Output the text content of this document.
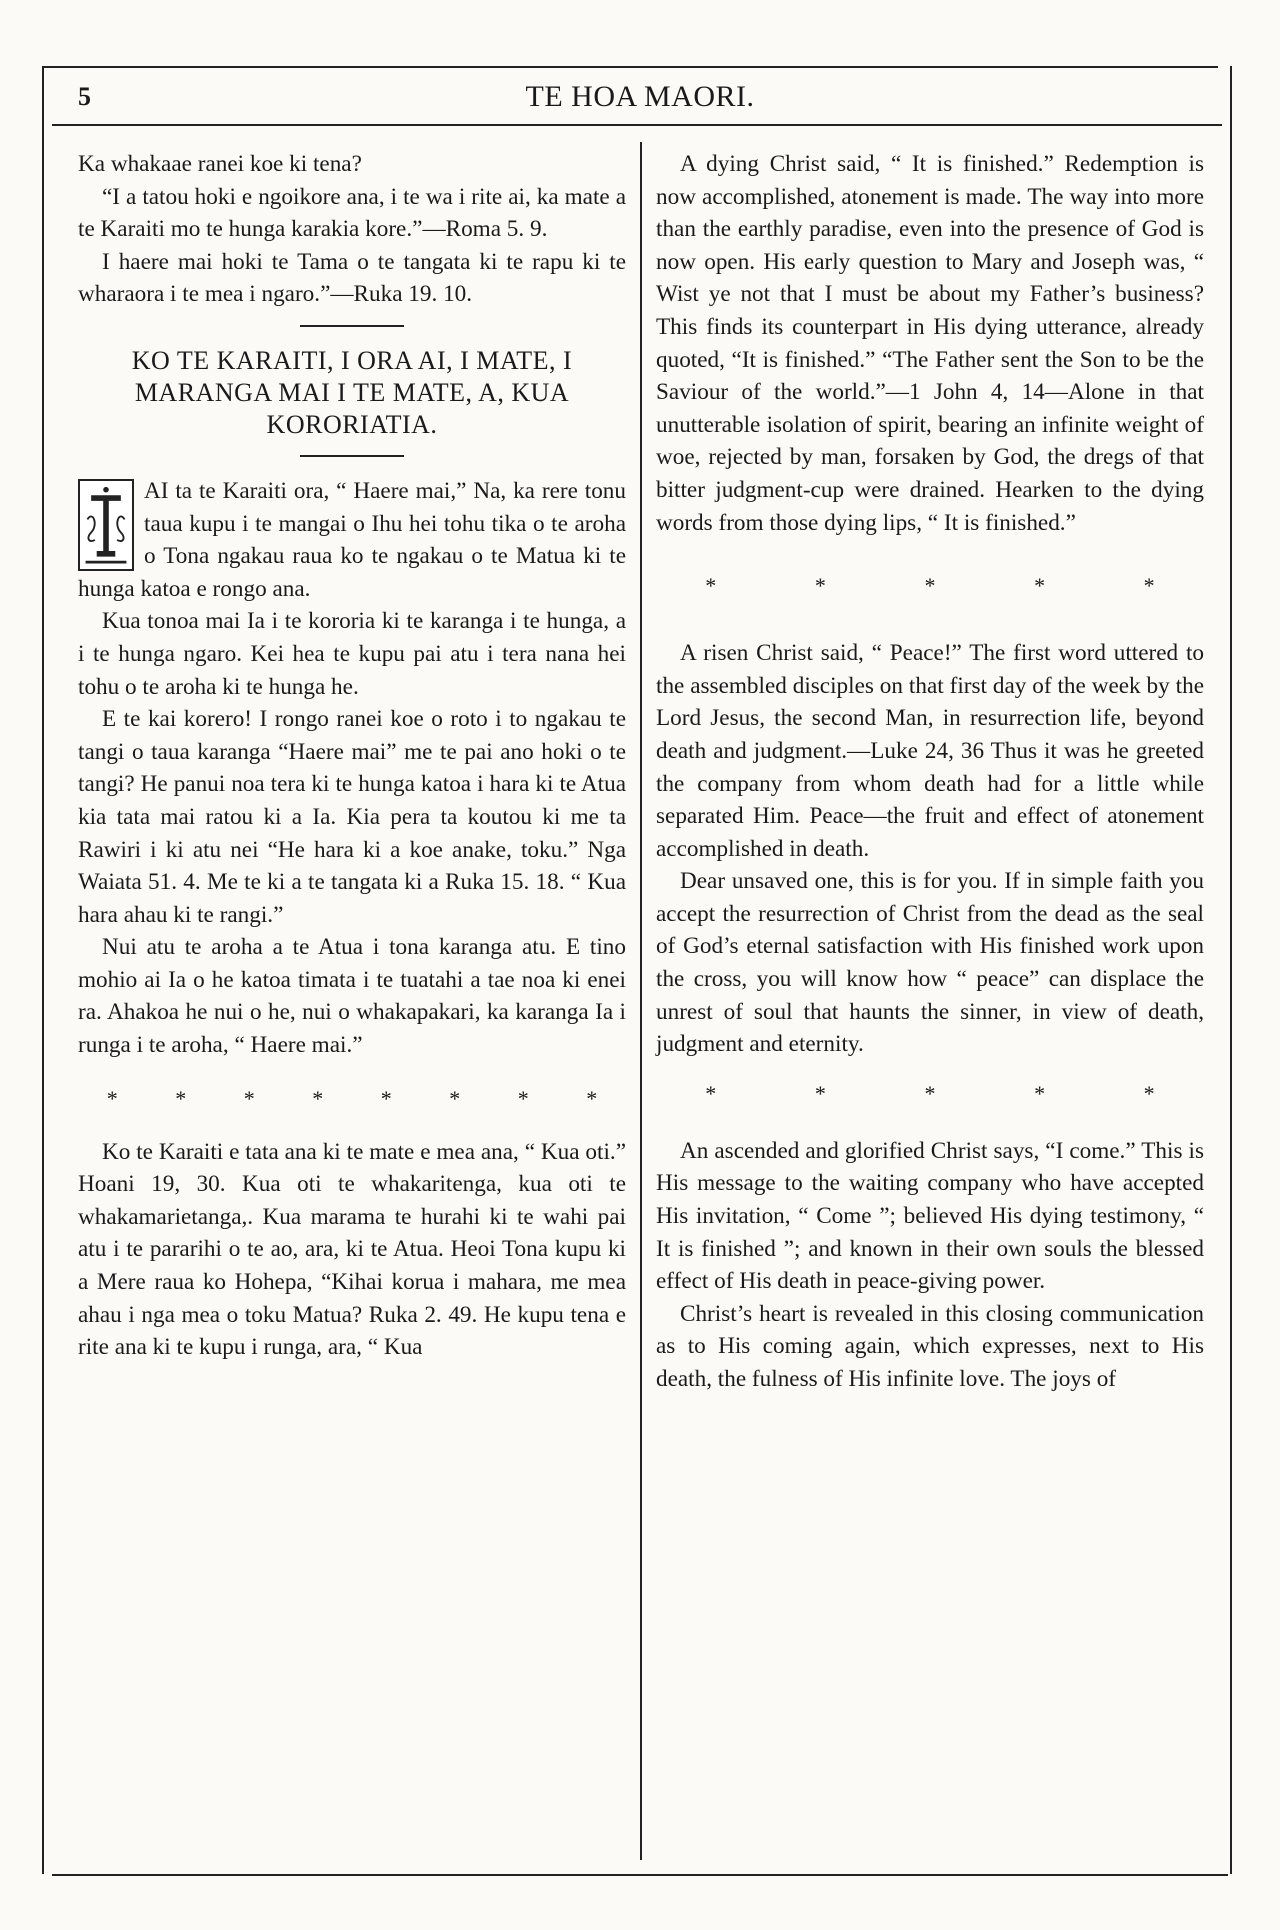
5	TE HOA MAORI.

Ka whakaae ranei koe ki tena?

“I a tatou hoki e ngoikore ana, i te wa i rite ai, ka mate a te Karaiti mo te hunga karakia kore.”—Roma 5. 9.

I haere mai hoki te Tama o te tangata ki te rapu ki te wharaora i te mea i ngaro.”—Ruka 19. 10.

KO TE KARAITI, I ORA AI, I MATE, I MARANGA MAI I TE MATE, A, KUA KORORIATIA.

AI ta te Karaiti ora, “ Haere mai,” Na, ka rere tonu taua kupu i te mangai o Ihu hei tohu tika o te aroha o Tona ngakau raua ko te ngakau o te Matua ki te hunga katoa e rongo ana.

Kua tonoa mai Ia i te kororia ki te karanga i te hunga, a i te hunga ngaro. Kei hea te kupu pai atu i tera nana hei tohu o te aroha ki te hunga he.

E te kai korero! I rongo ranei koe o roto i to ngakau te tangi o taua karanga “Haere mai” me te pai ano hoki o te tangi? He panui noa tera ki te hunga katoa i hara ki te Atua kia tata mai ratou ki a Ia. Kia pera ta koutou ki me ta Rawiri i ki atu nei “He hara ki a koe anake, toku.” Nga Waiata 51. 4. Me te ki a te tangata ki a Ruka 15. 18. “ Kua hara ahau ki te rangi.”

Nui atu te aroha a te Atua i tona karanga atu. E tino mohio ai Ia o he katoa timata i te tuatahi a tae noa ki enei ra. Ahakoa he nui o he, nui o whakapakari, ka karanga Ia i runga i te aroha, “ Haere mai.”

*	*	*	*	*	*	*	*

Ko te Karaiti e tata ana ki te mate e mea ana, “ Kua oti.” Hoani 19, 30. Kua oti te whakaritenga, kua oti te whakamarietanga,. Kua marama te hurahi ki te wahi pai atu i te pararihi o te ao, ara, ki te Atua. Heoi Tona kupu ki a Mere raua ko Hohepa, “Kihai korua i mahara, me mea ahau i nga mea o toku Matua? Ruka 2. 49. He kupu tena e rite ana ki te kupu i runga, ara, “ Kua

A dying Christ said, “ It is finished.” Redemption is now accomplished, atonement is made. The way into more than the earthly paradise, even into the presence of God is now open. His early question to Mary and Joseph was, “ Wist ye not that I must be about my Father’s business? This finds its counterpart in His dying utterance, already quoted, “It is finished.” “The Father sent the Son to be the Saviour of the world.”—1 John 4, 14—Alone in that unutterable isolation of spirit, bearing an infinite weight of woe, rejected by man, forsaken by God, the dregs of that bitter judgment-cup were drained. Hearken to the dying words from those dying lips, “ It is finished.”

*	*	*	*	*

A risen Christ said, “ Peace!” The first word uttered to the assembled disciples on that first day of the week by the Lord Jesus, the second Man, in resurrection life, beyond death and judgment.—Luke 24, 36 Thus it was he greeted the company from whom death had for a little while separated Him. Peace—the fruit and effect of atonement accomplished in death.

Dear unsaved one, this is for you. If in simple faith you accept the resurrection of Christ from the dead as the seal of God’s eternal satisfaction with His finished work upon the cross, you will know how “ peace” can displace the unrest of soul that haunts the sinner, in view of death, judgment and eternity.

*	*	*	*	*

An ascended and glorified Christ says, “I come.” This is His message to the waiting company who have accepted His invitation, “ Come ”; believed His dying testimony, “ It is finished ”; and known in their own souls the blessed effect of His death in peace-giving power.

Christ’s heart is revealed in this closing communication as to His coming again, which expresses, next to His death, the fulness of His infinite love. The joys of
